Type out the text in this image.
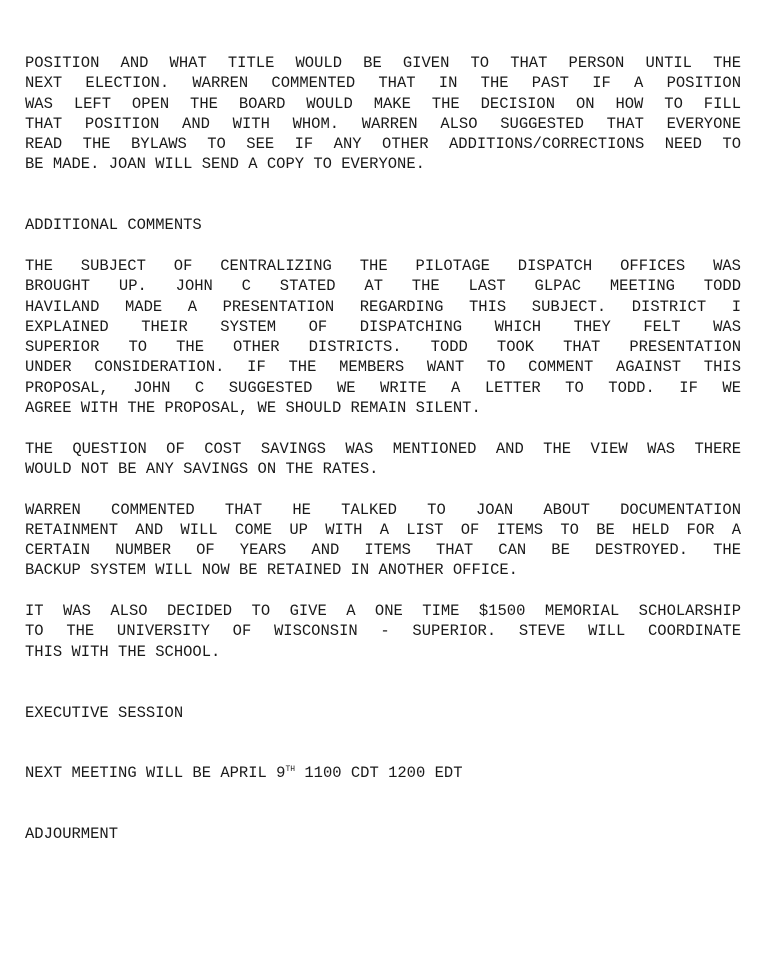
POSITION AND WHAT TITLE WOULD BE GIVEN TO THAT PERSON UNTIL THE
NEXT ELECTION. WARREN COMMENTED THAT IN THE PAST IF A POSITION
WAS LEFT OPEN THE BOARD WOULD MAKE THE DECISION ON HOW TO FILL
THAT POSITION AND WITH WHOM. WARREN ALSO SUGGESTED THAT EVERYONE
READ THE BYLAWS TO SEE IF ANY OTHER ADDITIONS/CORRECTIONS NEED TO
BE MADE. JOAN WILL SEND A COPY TO EVERYONE.

ADDITIONAL COMMENTS

THE SUBJECT OF CENTRALIZING THE PILOTAGE DISPATCH OFFICES WAS
BROUGHT UP. JOHN C STATED AT THE LAST GLPAC MEETING TODD
HAVILAND MADE A PRESENTATION REGARDING THIS SUBJECT. DISTRICT I
EXPLAINED THEIR SYSTEM OF DISPATCHING WHICH THEY FELT WAS
SUPERIOR TO THE OTHER DISTRICTS. TODD TOOK THAT PRESENTATION
UNDER CONSIDERATION. IF THE MEMBERS WANT TO COMMENT AGAINST THIS
PROPOSAL, JOHN C SUGGESTED WE WRITE A LETTER TO TODD. IF WE
AGREE WITH THE PROPOSAL, WE SHOULD REMAIN SILENT.

THE QUESTION OF COST SAVINGS WAS MENTIONED AND THE VIEW WAS THERE
WOULD NOT BE ANY SAVINGS ON THE RATES.

WARREN COMMENTED THAT HE TALKED TO JOAN ABOUT DOCUMENTATION
RETAINMENT AND WILL COME UP WITH A LIST OF ITEMS TO BE HELD FOR A
CERTAIN NUMBER OF YEARS AND ITEMS THAT CAN BE DESTROYED. THE
BACKUP SYSTEM WILL NOW BE RETAINED IN ANOTHER OFFICE.

IT WAS ALSO DECIDED TO GIVE A ONE TIME $1500 MEMORIAL SCHOLARSHIP
TO THE UNIVERSITY OF WISCONSIN - SUPERIOR. STEVE WILL COORDINATE
THIS WITH THE SCHOOL.

EXECUTIVE SESSION

NEXT MEETING WILL BE APRIL 9TH 1100 CDT 1200 EDT

ADJOURMENT
